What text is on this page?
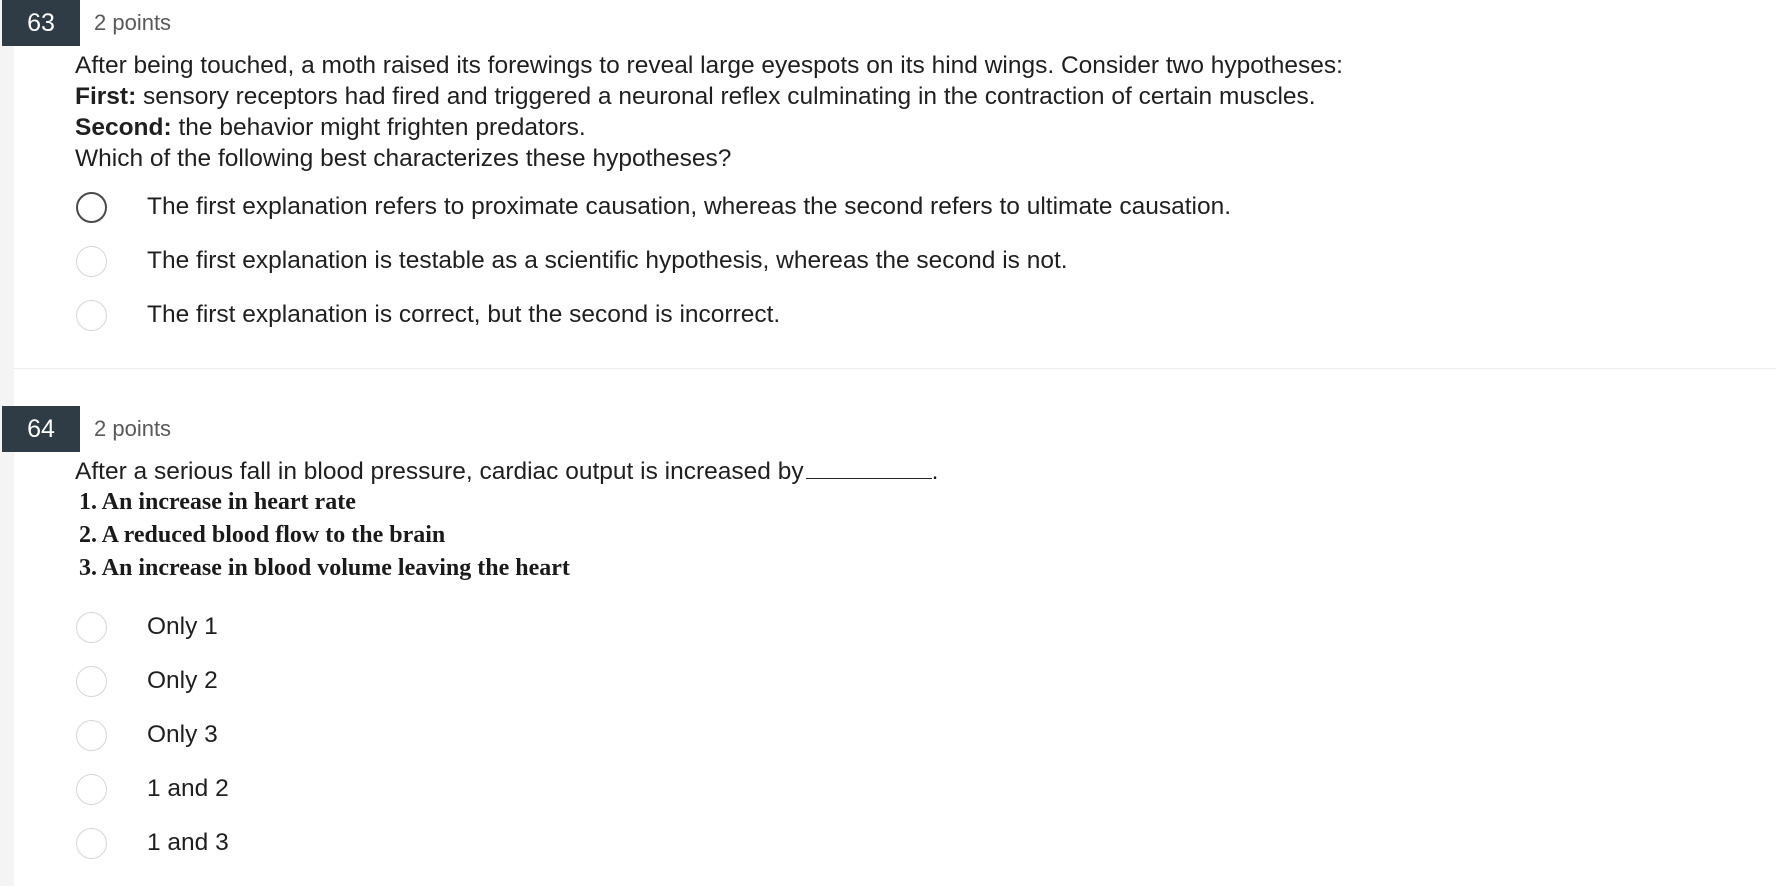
63	2 points
After being touched, a moth raised its forewings to reveal large eyespots on its hind wings. Consider two hypotheses:
First: sensory receptors had fired and triggered a neuronal reflex culminating in the contraction of certain muscles.
Second: the behavior might frighten predators.
Which of the following best characterizes these hypotheses?
The first explanation refers to proximate causation, whereas the second refers to ultimate causation.
The first explanation is testable as a scientific hypothesis, whereas the second is not.
The first explanation is correct, but the second is incorrect.
64	2 points
After a serious fall in blood pressure, cardiac output is increased by	.
1. An increase in heart rate
2. A reduced blood flow to the brain
3. An increase in blood volume leaving the heart
Only 1
Only 2
Only 3
1 and 2
1 and 3
